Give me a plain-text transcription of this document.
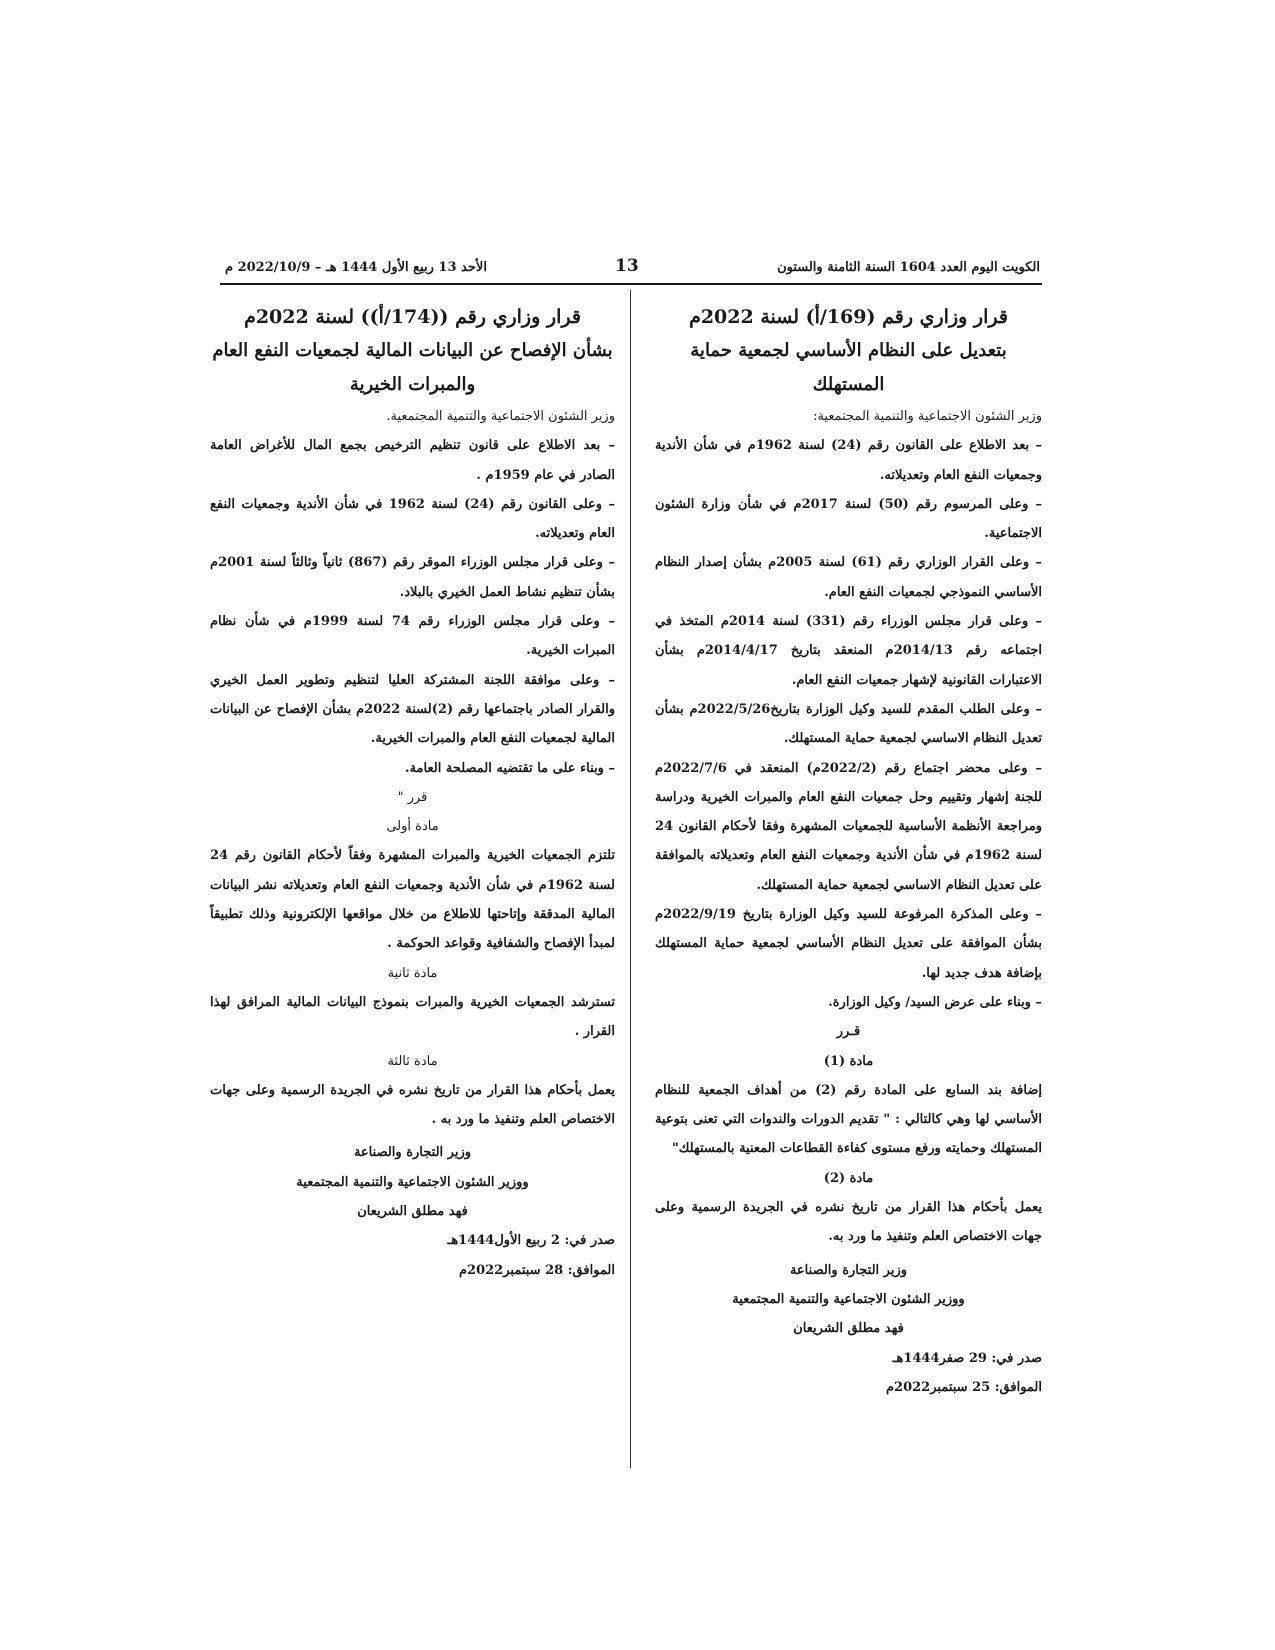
الكويت اليوم العدد 1604 السنة الثامنة والستون
13
الأحد 13 ربيع الأول 1444 هـ – 2022/10/9 م

قرار وزاري رقم (169/أ) لسنة 2022م

بتعديل على النظام الأساسي لجمعية حماية المستهلك

وزير الشئون الاجتماعية والتنمية المجتمعية:

– بعد الاطلاع على القانون رقم (24) لسنة 1962م في شأن الأندية وجمعيات النفع العام وتعديلاته.

– وعلى المرسوم رقم (50) لسنة 2017م في شأن وزارة الشئون الاجتماعية.

– وعلى القرار الوزاري رقم (61) لسنة 2005م بشأن إصدار النظام الأساسي النموذجي لجمعيات النفع العام.

– وعلى قرار مجلس الوزراء رقم (331) لسنة 2014م المتخذ في اجتماعه رقم 2014/13م المنعقد بتاريخ 2014/4/17م بشأن الاعتبارات القانونية لإشهار جمعيات النفع العام.

– وعلى الطلب المقدم للسيد وكيل الوزارة بتاريخ2022/5/26م بشأن تعديل النظام الاساسي لجمعية حماية المستهلك.

– وعلى محضر اجتماع رقم (2022/2م) المنعقد في 2022/7/6م للجنة إشهار وتقييم وحل جمعيات النفع العام والمبرات الخيرية ودراسة ومراجعة الأنظمة الأساسية للجمعيات المشهرة وفقا لأحكام القانون 24 لسنة 1962م في شأن الأندية وجمعيات النفع العام وتعديلاته بالموافقة على تعديل النظام الاساسي لجمعية حماية المستهلك.

– وعلى المذكرة المرفوعة للسيد وكيل الوزارة بتاريخ 2022/9/19م بشأن الموافقة على تعديل النظام الأساسي لجمعية حماية المستهلك بإضافة هدف جديد لها.

– وبناء على عرض السيد/ وكيل الوزارة.

قـرر

مادة (1)

إضافة بند السابع على المادة رقم (2) من أهداف الجمعية للنظام الأساسي لها وهي كالتالي : " تقديم الدورات والندوات التي تعنى بتوعية المستهلك وحمايته ورفع مستوى كفاءة القطاعات المعنية بالمستهلك"

مادة (2)

يعمل بأحكام هذا القرار من تاريخ نشره في الجريدة الرسمية وعلى جهات الاختصاص العلم وتنفيذ ما ورد به.

وزير التجارة والصناعة

ووزير الشئون الاجتماعية والتنمية المجتمعية

فهد مطلق الشريعان

صدر في: 29 صفر1444هـ

الموافق: 25 سبتمبر2022م

قرار وزاري رقم ((174/أ)) لسنة 2022م

بشأن الإفصاح عن البيانات المالية لجمعيات النفع العام والمبرات الخيرية

وزير الشئون الاجتماعية والتنمية المجتمعية.

– بعد الاطلاع على قانون تنظيم الترخيص بجمع المال للأغراض العامة الصادر في عام 1959م .

– وعلى القانون رقم (24) لسنة 1962 في شأن الأندية وجمعيات النفع العام وتعديلاته.

– وعلى قرار مجلس الوزراء الموقر رقم (867) ثانياً وثالثاً لسنة 2001م بشأن تنظيم نشاط العمل الخيري بالبلاد.

– وعلى قرار مجلس الوزراء رقم 74 لسنة 1999م في شأن نظام المبرات الخيرية.

– وعلى موافقة اللجنة المشتركة العليا لتنظيم وتطوير العمل الخيري والقرار الصادر باجتماعها رقم (2)لسنة 2022م بشأن الإفصاح عن البيانات المالية لجمعيات النفع العام والمبرات الخيرية.

– وبناء على ما تقتضيه المصلحة العامة.

قرر "

مادة أولى

تلتزم الجمعيات الخيرية والمبرات المشهرة وفقاً لأحكام القانون رقم 24 لسنة 1962م في شأن الأندية وجمعيات النفع العام وتعديلاته نشر البيانات المالية المدققة وإتاحتها للاطلاع من خلال مواقعها الإلكترونية وذلك تطبيقاً لمبدأ الإفصاح والشفافية وقواعد الحوكمة .

مادة ثانية

تسترشد الجمعيات الخيرية والمبرات بنموذج البيانات المالية المرافق لهذا القرار .

مادة ثالثة

يعمل بأحكام هذا القرار من تاريخ نشره في الجريدة الرسمية وعلى جهات الاختصاص العلم وتنفيذ ما ورد به .

وزير التجارة والصناعة

ووزير الشئون الاجتماعية والتنمية المجتمعية

فهد مطلق الشريعان

صدر في: 2 ربيع الأول1444هـ

الموافق: 28 سبتمبر2022م
